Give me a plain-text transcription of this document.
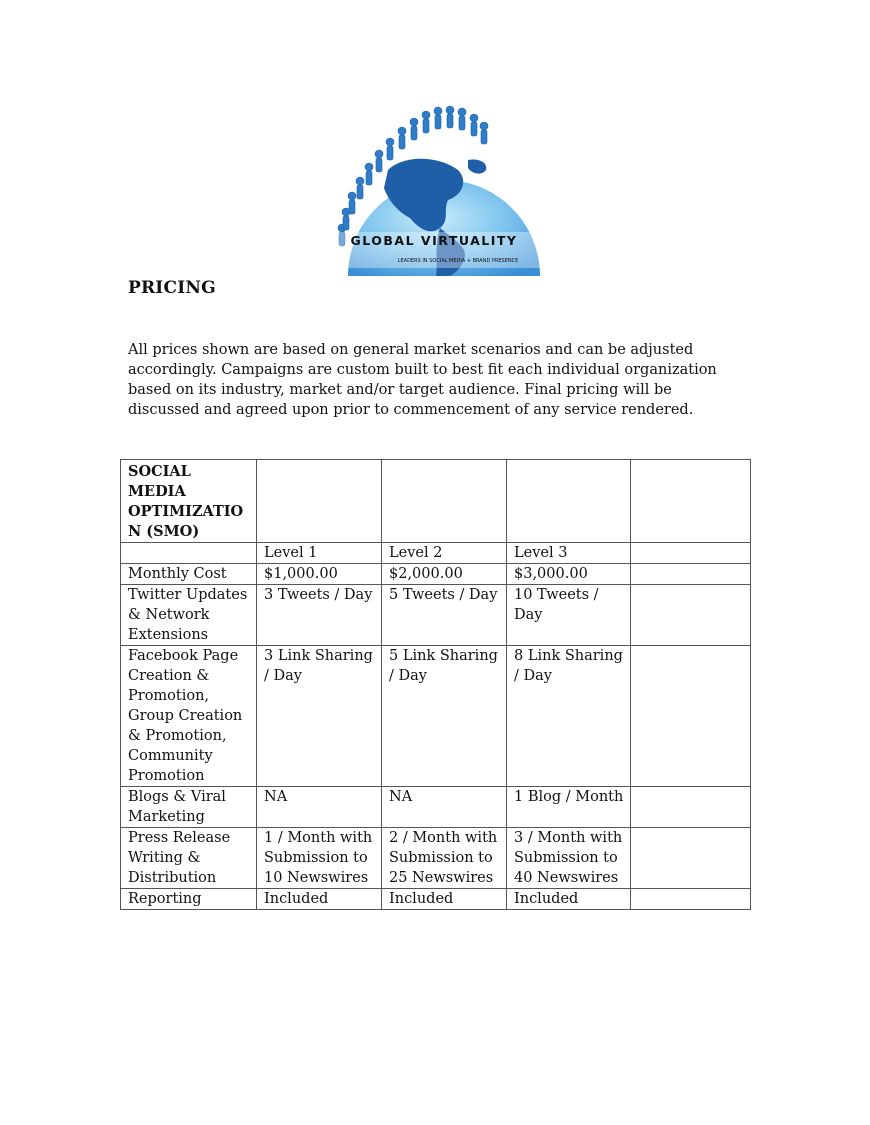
GLOBAL VIRTUALITY
LEADERS IN SOCIAL MEDIA + BRAND PRESENCE
PRICING

All prices shown are based on general market scenarios and can be adjusted accordingly. Campaigns are custom built to best fit each individual organization based on its industry, market and/or target audience. Final pricing will be discussed and agreed upon prior to commencement of any service rendered.

SOCIAL MEDIA OPTIMIZATION (SMO)				
	Level 1	Level 2	Level 3	
Monthly Cost	$1,000.00	$2,000.00	$3,000.00	
Twitter Updates & Network Extensions	3 Tweets / Day	5 Tweets / Day	10 Tweets / Day	
Facebook Page Creation & Promotion, Group Creation & Promotion, Community Promotion	3 Link Sharing / Day	5 Link Sharing / Day	8 Link Sharing / Day	
Blogs & Viral Marketing	NA	NA	1 Blog / Month	
Press Release Writing & Distribution	1 / Month with Submission to 10 Newswires	2 / Month with Submission to 25 Newswires	3 / Month with Submission to 40 Newswires	
Reporting	Included	Included	Included	
